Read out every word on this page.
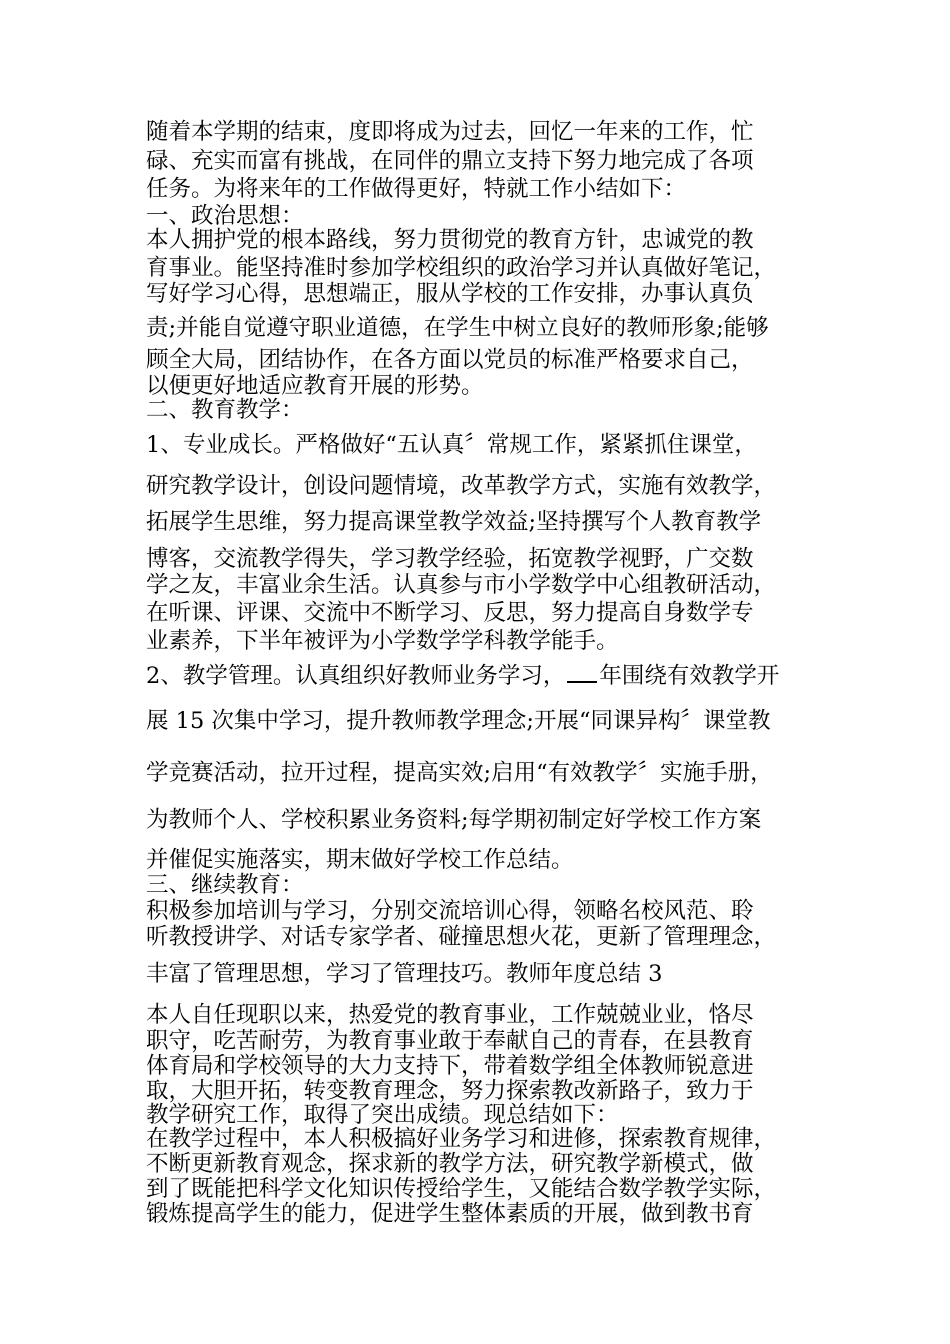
随着本学期的结束，度即将成为过去，回忆一年来的工作，忙
碌、充实而富有挑战，在同伴的鼎立支持下努力地完成了各项
任务。为将来年的工作做得更好，特就工作小结如下：
一、政治思想：
本人拥护党的根本路线，努力贯彻党的教育方针，忠诚党的教
育事业。能坚持准时参加学校组织的政治学习并认真做好笔记，
写好学习心得，思想端正，服从学校的工作安排，办事认真负
责;并能自觉遵守职业道德，在学生中树立良好的教师形象;能够
顾全大局，团结协作，在各方面以党员的标准严格要求自己，
以便更好地适应教育开展的形势。
二、教育教学：
1、专业成长。严格做好“五认真〞常规工作，紧紧抓住课堂，
研究教学设计，创设问题情境，改革教学方式，实施有效教学，
拓展学生思维，努力提高课堂教学效益;坚持撰写个人教育教学
博客，交流教学得失，学习教学经验，拓宽教学视野，广交数
学之友，丰富业余生活。认真参与市小学数学中心组教研活动，
在听课、评课、交流中不断学习、反思，努力提高自身数学专
业素养，下半年被评为小学数学学科教学能手。
2、教学管理。认真组织好教师业务学习， 年围绕有效教学开
展 15 次集中学习，提升教师教学理念;开展“同课异构〞课堂教
学竞赛活动，拉开过程，提高实效;启用“有效教学〞实施手册，
为教师个人、学校积累业务资料;每学期初制定好学校工作方案
并催促实施落实，期末做好学校工作总结。
三、继续教育：
积极参加培训与学习，分别交流培训心得，领略名校风范、聆
听教授讲学、对话专家学者、碰撞思想火花，更新了管理理念，
丰富了管理思想，学习了管理技巧。教师年度总结 3
本人自任现职以来，热爱党的教育事业，工作兢兢业业，恪尽
职守，吃苦耐劳，为教育事业敢于奉献自己的青春，在县教育
体育局和学校领导的大力支持下，带着数学组全体教师锐意进
取，大胆开拓，转变教育理念，努力探索教改新路子，致力于
教学研究工作，取得了突出成绩。现总结如下：
在教学过程中，本人积极搞好业务学习和进修，探索教育规律，
不断更新教育观念，探求新的教学方法，研究教学新模式，做
到了既能把科学文化知识传授给学生，又能结合数学教学实际，
锻炼提高学生的能力，促进学生整体素质的开展，做到教书育
